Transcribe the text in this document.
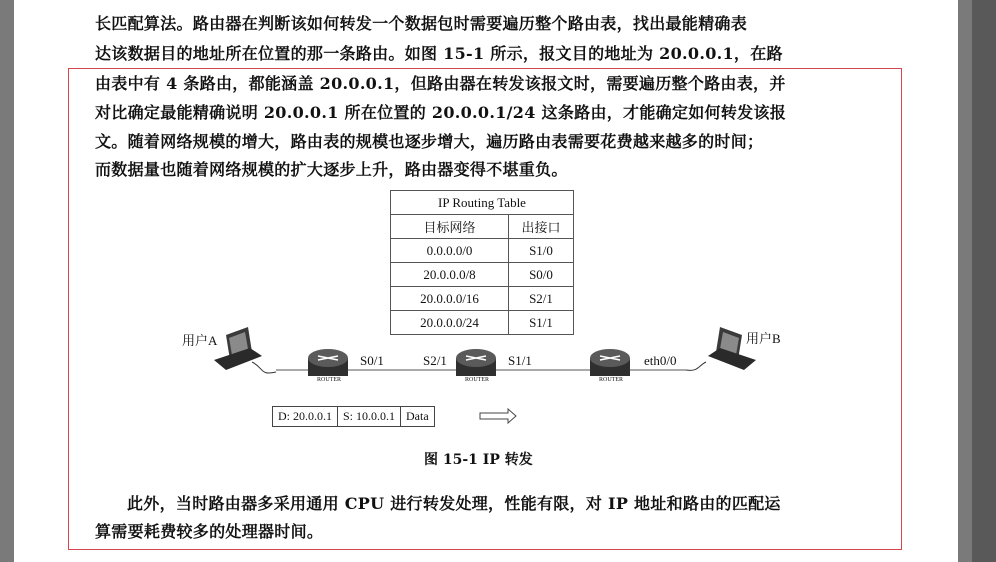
长匹配算法。路由器在判断该如何转发一个数据包时需要遍历整个路由表，找出最能精确表
达该数据目的地址所在位置的那一条路由。如图 15-1 所示，报文目的地址为 20.0.0.1，在路
由表中有 4 条路由，都能涵盖 20.0.0.1，但路由器在转发该报文时，需要遍历整个路由表，并
对比确定最能精确说明 20.0.0.1 所在位置的 20.0.0.1/24 这条路由，才能确定如何转发该报
文。随着网络规模的增大，路由表的规模也逐步增大，遍历路由表需要花费越来越多的时间；
而数据量也随着网络规模的扩大逐步上升，路由器变得不堪重负。
IP Routing Table	
目标网络	出接口
0.0.0.0/0	S1/0
20.0.0.0/8	S0/0
20.0.0.0/16	S2/1
20.0.0.0/24	S1/1
ROUTER	ROUTER	ROUTER
用户A	用户B
S0/1	S2/1	S1/1	eth0/0
D: 20.0.0.1 S: 10.0.0.1 Data
图 15-1 IP 转发
此外，当时路由器多采用通用 CPU 进行转发处理，性能有限，对 IP 地址和路由的匹配运
算需要耗费较多的处理器时间。
